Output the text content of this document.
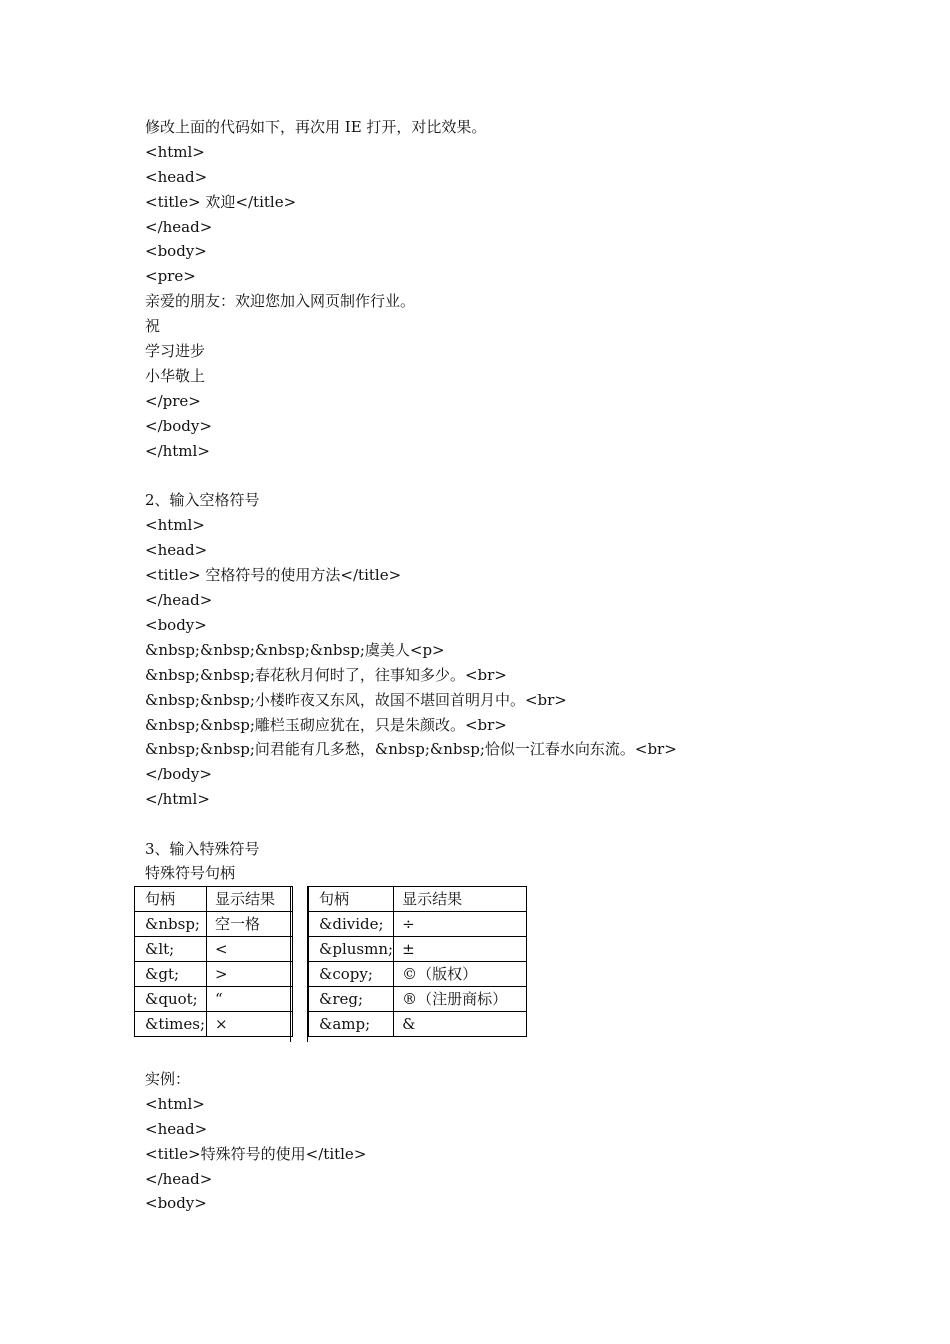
修改上面的代码如下，再次用 IE 打开，对比效果。
<html>
<head>
<title> 欢迎</title>
</head>
<body>
<pre>
亲爱的朋友：欢迎您加入网页制作行业。
祝
学习进步
小华敬上
</pre>
</body>
</html>
2、输入空格符号
<html>
<head>
<title> 空格符号的使用方法</title>
</head>
<body>
&nbsp;&nbsp;&nbsp;&nbsp;虞美人<p>
&nbsp;&nbsp;春花秋月何时了，往事知多少。<br>
&nbsp;&nbsp;小楼昨夜又东风，故国不堪回首明月中。<br>
&nbsp;&nbsp;雕栏玉砌应犹在，只是朱颜改。<br>
&nbsp;&nbsp;问君能有几多愁，&nbsp;&nbsp;恰似一江春水向东流。<br>
</body>
</html>
3、输入特殊符号
特殊符号句柄
句柄	显示结果
&nbsp;	空一格
&lt;	<
&gt;	>
&quot;	“
&times;	×
句柄	显示结果
&divide;	÷
&plusmn;	±
&copy;	©（版权）
&reg;	®（注册商标）
&amp;	&
实例：
<html>
<head>
<title>特殊符号的使用</title>
</head>
<body>
